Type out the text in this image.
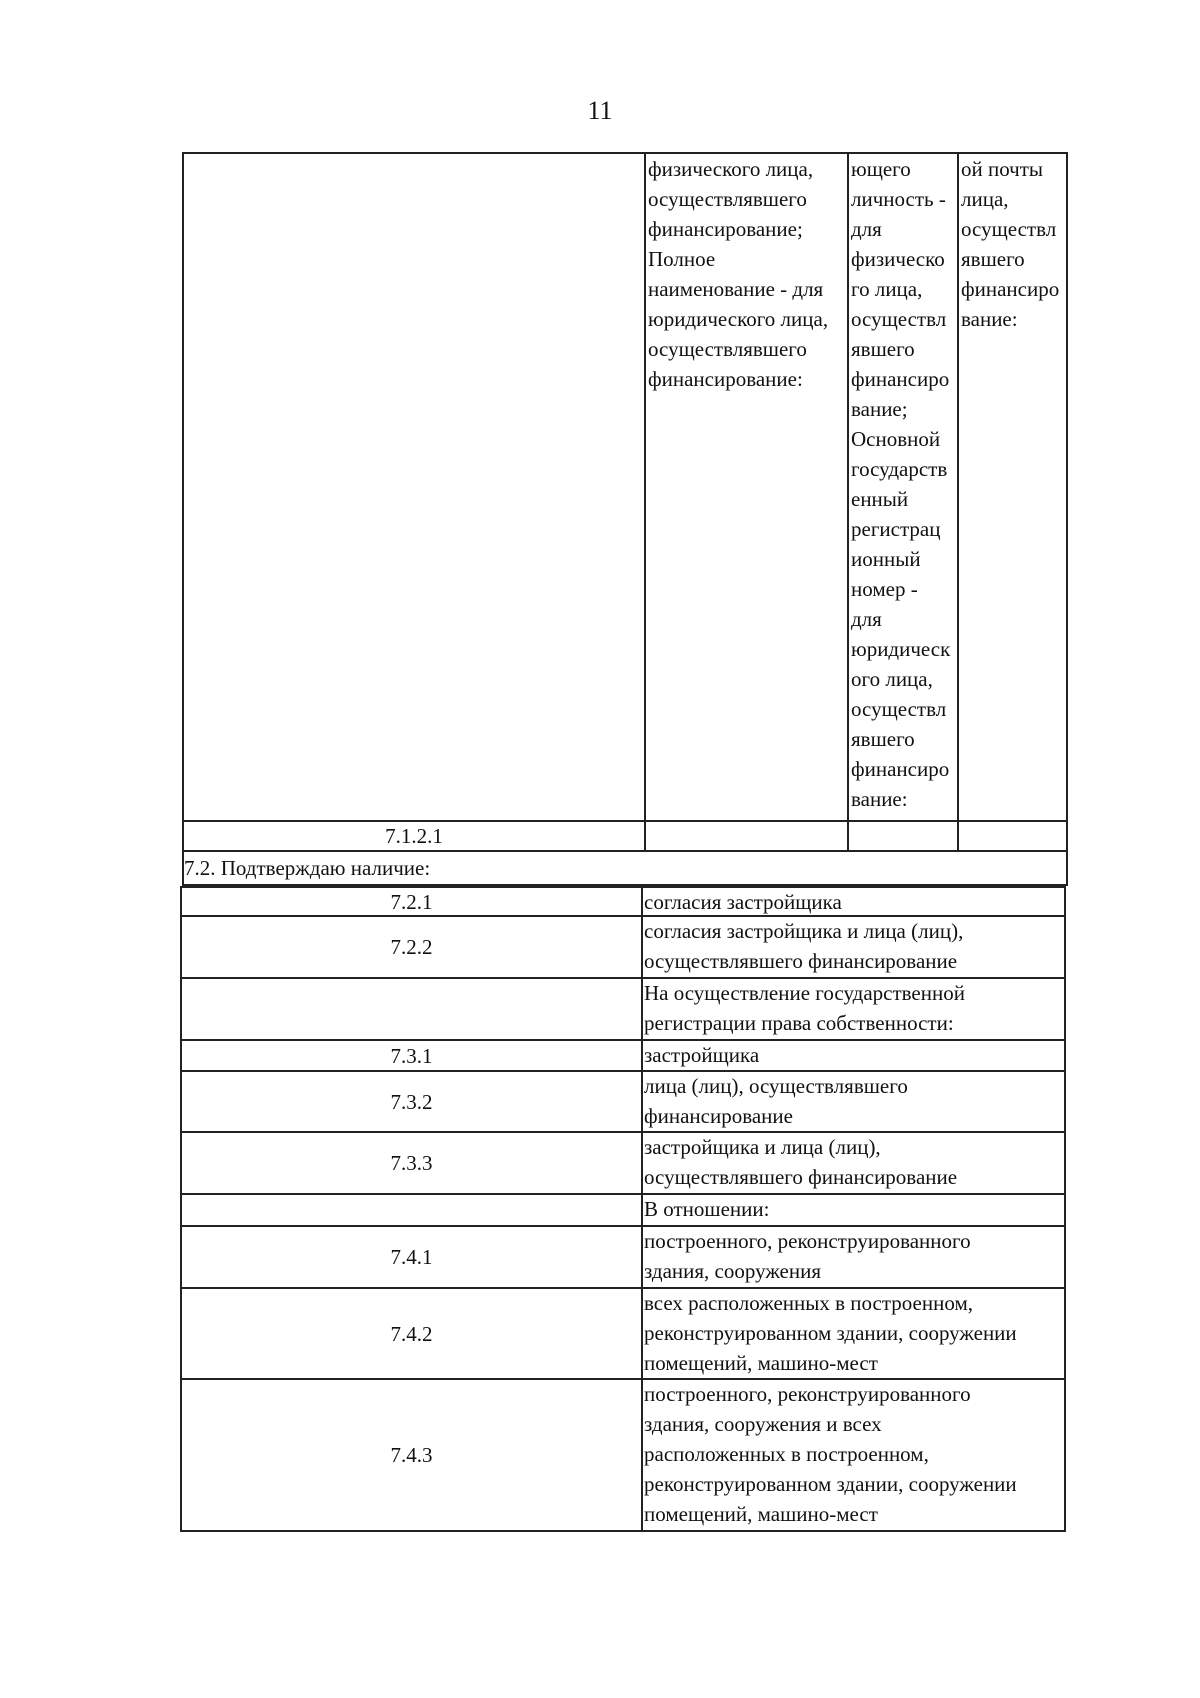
11
физического лица,
осуществлявшего
финансирование;
Полное
наименование - для
юридического лица,
осуществлявшего
финансирование:
ющего
личность -
для
физическо
го лица,
осуществл
явшего
финансиро
вание;
Основной
государств
енный
регистрац
ионный
номер -
для
юридическ
ого лица,
осуществл
явшего
финансиро
вание:
ой почты
лица,
осуществл
явшего
финансиро
вание:
7.1.2.1
7.2. Подтверждаю наличие:
7.2.1	согласия застройщика
7.2.2
согласия застройщика и лица (лиц),
осуществлявшего финансирование
На осуществление государственной
регистрации права собственности:
7.3.1	застройщика
7.3.2
лица (лиц), осуществлявшего
финансирование
7.3.3
застройщика и лица (лиц),
осуществлявшего финансирование
В отношении:
7.4.1
построенного, реконструированного
здания, сооружения
7.4.2
всех расположенных в построенном,
реконструированном здании, сооружении
помещений, машино-мест
7.4.3
построенного, реконструированного
здания, сооружения и всех
расположенных в построенном,
реконструированном здании, сооружении
помещений, машино-мест
